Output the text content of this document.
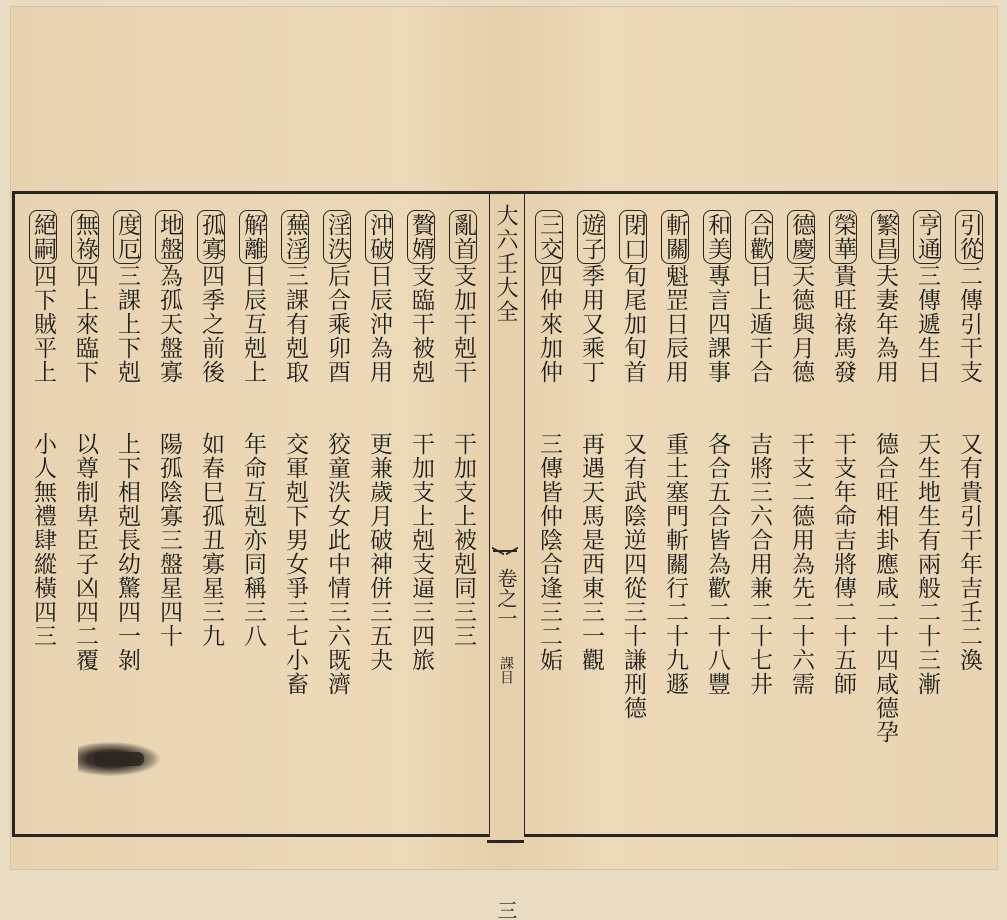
大六壬大全
卷之一
課目
三
引從二傳引干支
又有貴引干年吉壬二渙
亨通三傳遞生日
天生地生有兩般二十三漸
繁昌夫妻年為用
德合旺相卦應咸二十四咸德孕
榮華貴旺祿馬發
干支年命吉將傳二十五師
德慶天德與月德
干支二德用為先二十六需
合歡日上遁干合
吉將三六合用兼二十七井
和美專言四課事
各合五合皆為歡二十八豐
斬關魁罡日辰用
重土塞門斬關行二十九遯
閉口旬尾加旬首
又有武陰逆四從三十謙刑德
遊子季用又乘丁
再遇天馬是西東三一觀
三交四仲來加仲
三傳皆仲陰合逢三二姤
亂首支加干剋干
干加支上被剋同三三
贅婿支臨干被剋
干加支上剋支逼三四旅
沖破日辰沖為用
更兼歲月破神併三五夬
淫泆后合乘卯酉
狡童泆女此中情三六既濟
蕪淫三課有剋取
交軍剋下男女爭三七小畜
解離日辰互剋上
年命互剋亦同稱三八
孤寡四季之前後
如春巳孤丑寡星三九
地盤為孤天盤寡
陽孤陰寡三盤星四十
度厄三課上下剋
上下相剋長幼驚四一剝
無祿四上來臨下
以尊制卑臣子凶四二覆
絕嗣四下賊平上
小人無禮肆縱橫四三
